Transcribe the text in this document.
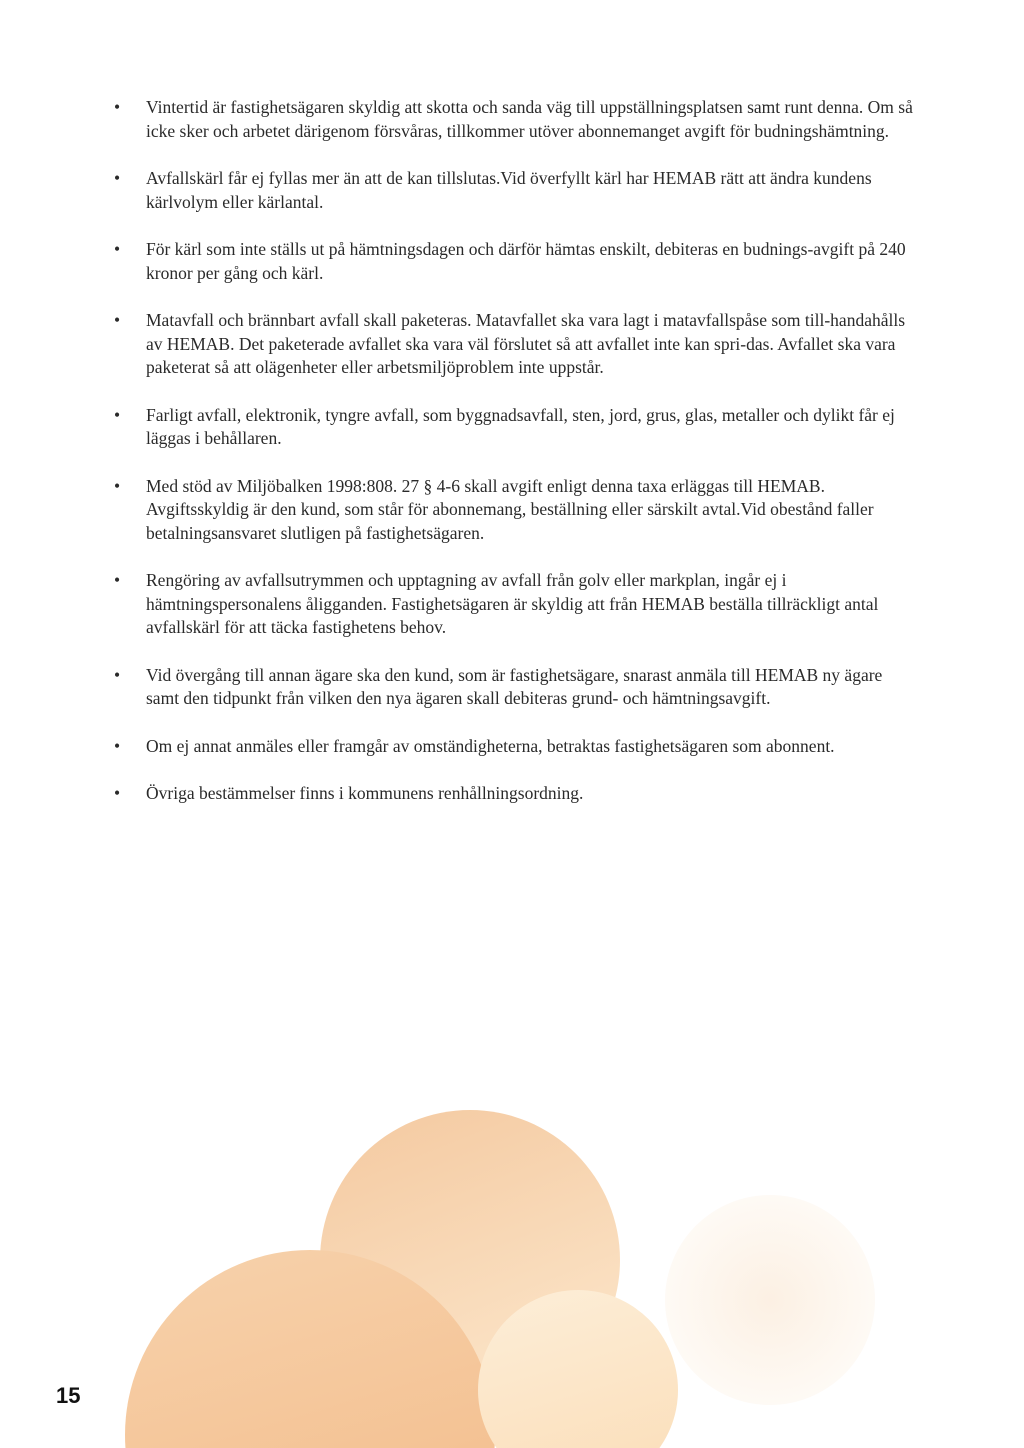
•	Vintertid är fastighetsägaren skyldig att skotta och sanda väg till uppställningsplatsen samt runt denna. Om så icke sker och arbetet därigenom försvåras, tillkommer utöver abonnemanget avgift för budningshämtning.
•	Avfallskärl får ej fyllas mer än att de kan tillslutas.Vid överfyllt kärl har HEMAB rätt att ändra kundens kärlvolym eller kärlantal.
•	För kärl som inte ställs ut på hämtningsdagen och därför hämtas enskilt, debiteras en budnings-avgift på 240 kronor per gång och kärl.
•	Matavfall och brännbart avfall skall paketeras. Matavfallet ska vara lagt i matavfallspåse som till-handahålls av HEMAB. Det paketerade avfallet ska vara väl förslutet så att avfallet inte kan spri-das. Avfallet ska vara paketerat så att olägenheter eller arbetsmiljöproblem inte uppstår.
•	Farligt avfall, elektronik, tyngre avfall, som byggnadsavfall, sten, jord, grus, glas, metaller och dylikt får ej läggas i behållaren.
•	Med stöd av Miljöbalken 1998:808. 27 § 4-6 skall avgift enligt denna taxa erläggas till HEMAB. Avgiftsskyldig är den kund, som står för abonnemang, beställning eller särskilt avtal.Vid obestånd faller betalningsansvaret slutligen på fastighetsägaren.
•	Rengöring av avfallsutrymmen och upptagning av avfall från golv eller markplan, ingår ej i hämtningspersonalens åligganden. Fastighetsägaren är skyldig att från HEMAB beställa tillräckligt antal avfallskärl för att täcka fastighetens behov.
•	Vid övergång till annan ägare ska den kund, som är fastighetsägare, snarast anmäla till HEMAB ny ägare samt den tidpunkt från vilken den nya ägaren skall debiteras grund- och hämtningsavgift.
•	Om ej annat anmäles eller framgår av omständigheterna, betraktas fastighetsägaren som abonnent.
•	Övriga bestämmelser finns i kommunens renhållningsordning.
15
